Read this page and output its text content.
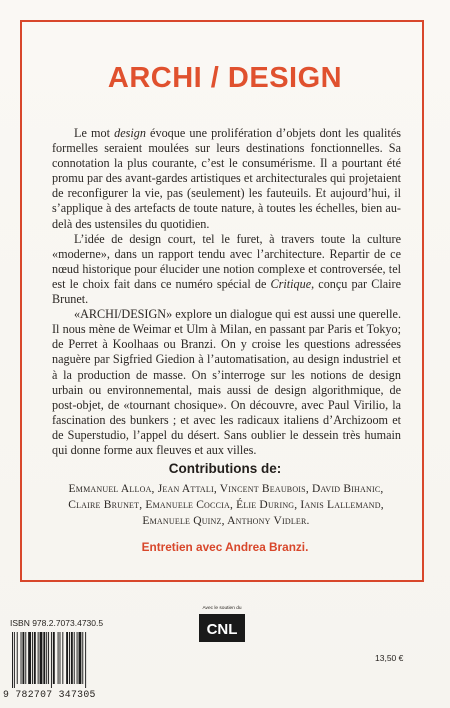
ARCHI / DESIGN

Le mot design évoque une prolifération d’objets dont les qualités formelles seraient moulées sur leurs destinations fonctionnelles. Sa connotation la plus courante, c’est le consumérisme. Il a pourtant été promu par des avant-gardes artistiques et architecturales qui projetaient de reconfigurer la vie, pas (seulement) les fauteuils. Et aujourd’hui, il s’applique à des artefacts de toute nature, à toutes les échelles, bien au-delà des ustensiles du quotidien.

L’idée de design court, tel le furet, à travers toute la culture «moderne», dans un rapport tendu avec l’architecture. Repartir de ce nœud historique pour élucider une notion complexe et controversée, tel est le choix fait dans ce numéro spécial de Critique, conçu par Claire Brunet.

«ARCHI/DESIGN» explore un dialogue qui est aussi une querelle. Il nous mène de Weimar et Ulm à Milan, en passant par Paris et Tokyo; de Perret à Koolhaas ou Branzi. On y croise les questions adressées naguère par Sigfried Giedion à l’automatisation, au design industriel et à la production de masse. On s’interroge sur les notions de design urbain ou environnemental, mais aussi de design algorithmique, de post-objet, de «tournant chosique». On découvre, avec Paul Virilio, la fascination des bunkers ; et avec les radicaux italiens d’Archizoom et de Superstudio, l’appel du désert. Sans oublier le dessein très humain qui donne forme aux fleuves et aux villes.

Contributions de:
Emmanuel Alloa, Jean Attali, Vincent Beaubois, David Bihanic,
Claire Brunet, Emanuele Coccia, Élie During, Ianis Lallemand,
Emanuele Quinz, Anthony Vidler.
Entretien avec Andrea Branzi.
ISBN 978.2.7073.4730.5
9 782707 347305
Avec le soutien du
CNL
13,50 €
